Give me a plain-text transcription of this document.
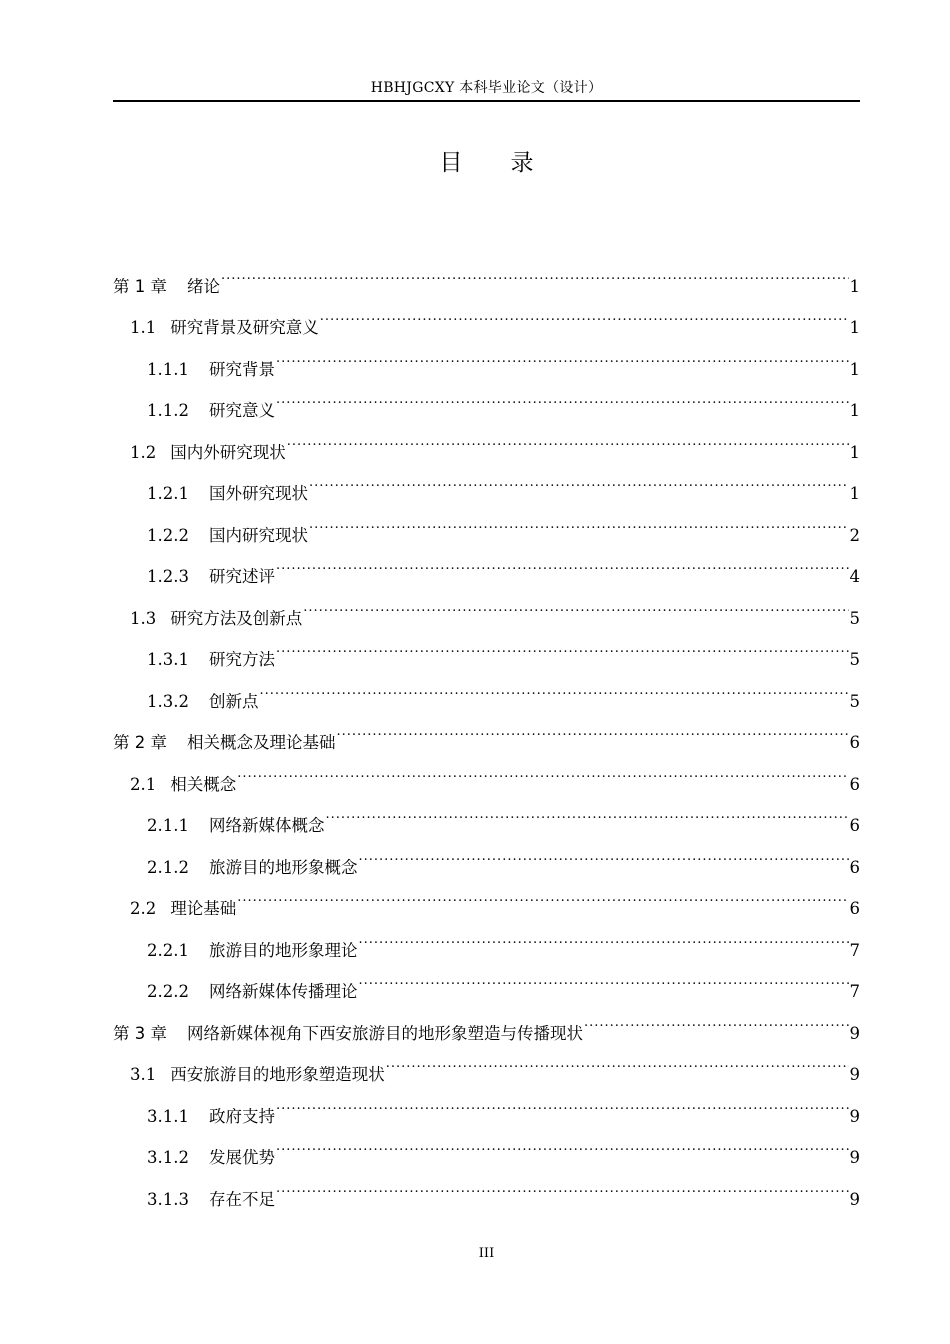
HBHJGCXY 本科毕业论文（设计）
目录
第 1 章 绪论 .....	1
1.1 研究背景及研究意义 .....	1
1.1.1 研究背景 .....	1
1.1.2 研究意义 .....	1
1.2 国内外研究现状 .....	1
1.2.1 国外研究现状 .....	1
1.2.2 国内研究现状 .....	2
1.2.3 研究述评 .....	4
1.3 研究方法及创新点 .....	5
1.3.1 研究方法 .....	5
1.3.2 创新点 .....	5
第 2 章 相关概念及理论基础 .....	6
2.1 相关概念 .....	6
2.1.1 网络新媒体概念 .....	6
2.1.2 旅游目的地形象概念 .....	6
2.2 理论基础 .....	6
2.2.1 旅游目的地形象理论 .....	7
2.2.2 网络新媒体传播理论 .....	7
第 3 章 网络新媒体视角下西安旅游目的地形象塑造与传播现状 .....	9
3.1 西安旅游目的地形象塑造现状 .....	9
3.1.1 政府支持 .....	9
3.1.2 发展优势 .....	9
3.1.3 存在不足 .....	9
III
